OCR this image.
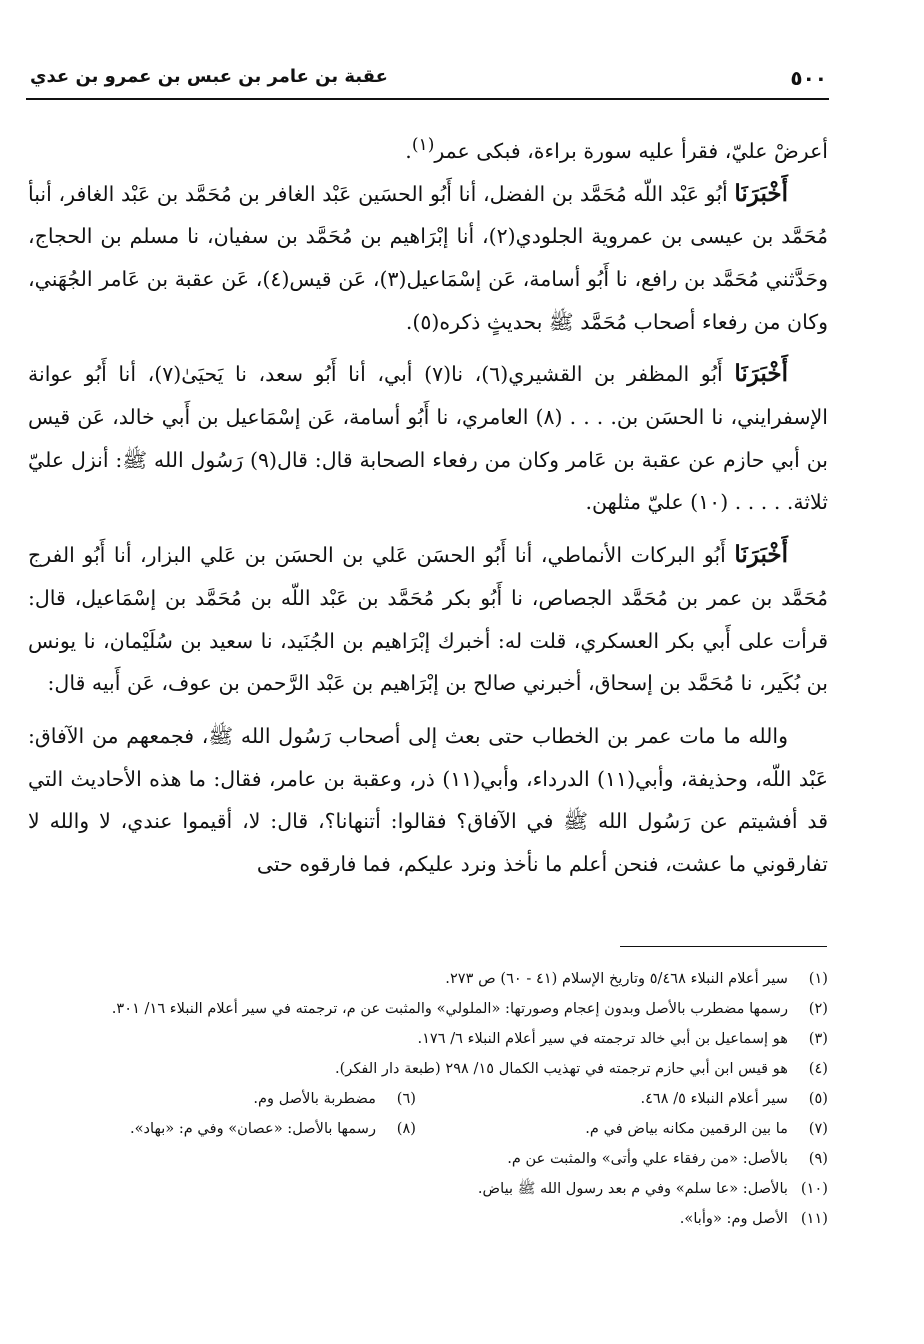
٥٠٠
عقبة بن عامر بن عبس بن عمرو بن عدي

أعرضْ عليّ، فقرأ عليه سورة براءة، فبكى عمر$^{(١)}$.

أَخْبَرَنَا أبُو عَبْد اللّه مُحَمَّد بن الفضل، أنا أَبُو الحسَين عَبْد الغافر بن مُحَمَّد بن عَبْد الغافر، أنبأ مُحَمَّد بن عيسى بن عمروية الجلودي(٢)، أنا إبْرَاهيم بن مُحَمَّد بن سفيان، نا مسلم بن الحجاج، وحَدَّثني مُحَمَّد بن رافع، نا أَبُو أسامة، عَن إسْمَاعيل(٣)، عَن قيس(٤)، عَن عقبة بن عَامر الجُهَني، وكان من رفعاء أصحاب مُحَمَّد ﷺ بحديثٍ ذكره(٥).

أَخْبَرَنَا أَبُو المظفر بن القشيري(٦)، نا(٧) أبي، أنا أَبُو سعد، نا يَحيَىٰ(٧)، أنا أَبُو عوانة الإسفرايني، نا الحسَن بن. . . . (٨) العامري، نا أَبُو أسامة، عَن إسْمَاعيل بن أَبي خالد، عَن قيس بن أبي حازم عن عقبة بن عَامر وكان من رفعاء الصحابة قال: قال(٩) رَسُول الله ﷺ: أنزل عليّ ثلاثة. . . . . (١٠) عليّ مثلهن.

أَخْبَرَنَا أَبُو البركات الأنماطي، أنا أَبُو الحسَن عَلي بن الحسَن بن عَلي البزار، أنا أَبُو الفرج مُحَمَّد بن عمر بن مُحَمَّد الجصاص، نا أَبُو بكر مُحَمَّد بن عَبْد اللّه بن مُحَمَّد بن إسْمَاعيل، قال: قرأت على أَبي بكر العسكري، قلت له: أخبرك إبْرَاهيم بن الجُنَيد، نا سعيد بن سُلَيْمان، نا يونس بن بُكَير، نا مُحَمَّد بن إسحاق، أخبرني صالح بن إبْرَاهيم بن عَبْد الرَّحمن بن عوف، عَن أَبيه قال:

والله ما مات عمر بن الخطاب حتى بعث إلى أصحاب رَسُول الله ﷺ، فجمعهم من الآفاق: عَبْد اللّه، وحذيفة، وأبي(١١) الدرداء، وأبي(١١) ذر، وعقبة بن عامر، فقال: ما هذه الأحاديث التي قد أفشيتم عن رَسُول الله ﷺ في الآفاق؟ فقالوا: أتنهانا؟، قال: لا، أقيموا عندي، لا والله لا تفارقوني ما عشت، فنحن أعلم ما نأخذ ونرد عليكم، فما فارقوه حتى

(١)
سير أعلام النبلاء ٥/٤٦٨ وتاريخ الإسلام (٤١ - ٦٠) ص ٢٧٣.
(٢)
رسمها مضطرب بالأصل وبدون إعجام وصورتها: «الملولي» والمثبت عن م، ترجمته في سير أعلام النبلاء ١٦/ ٣٠١.
(٣)
هو إسماعيل بن أبي خالد ترجمته في سير أعلام النبلاء ٦/ ١٧٦.
(٤)
هو قيس ابن أبي حازم ترجمته في تهذيب الكمال ١٥/ ٢٩٨ (طبعة دار الفكر).
(٥)
سير أعلام النبلاء ٥/ ٤٦٨.
(٦)
مضطربة بالأصل وم.
(٧)
ما بين الرقمين مكانه بياض في م.
(٨)
رسمها بالأصل: «عصان» وفي م: «بهاد».
(٩)
بالأصل: «من رفقاء علي وأتى» والمثبت عن م.
(١٠)
بالأصل: «عا سلم» وفي م بعد رسول الله ﷺ بياض.
(١١)
الأصل وم: «وأبا».
